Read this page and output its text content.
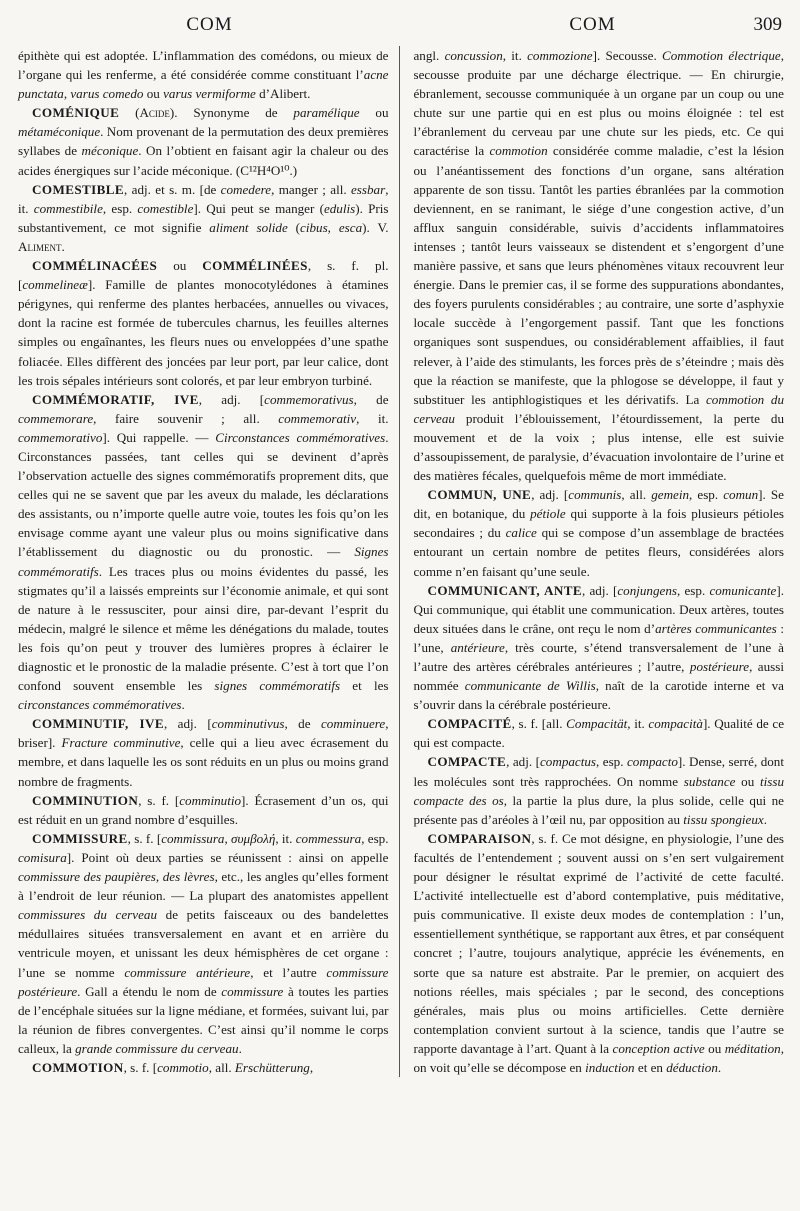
COM	COM	309

épithète qui est adoptée. L’inflammation des comédons, ou mieux de l’organe qui les renferme, a été considérée comme constituant l’acne punctata, varus comedo ou varus vermiforme d’Alibert.

COMÉNIQUE (Acide). Synonyme de paramélique ou métaméconique. Nom provenant de la permutation des deux premières syllabes de méconique. On l’obtient en faisant agir la chaleur ou des acides énergiques sur l’acide méconique. (C¹²H⁴O¹⁰.)

COMESTIBLE, adj. et s. m. [de comedere, manger ; all. essbar, it. commestibile, esp. comestible]. Qui peut se manger (edulis). Pris substantivement, ce mot signifie aliment solide (cibus, esca). V. Aliment.

COMMÉLINACÉES ou COMMÉLINÉES, s. f. pl. [commelineæ]. Famille de plantes monocotylédones à étamines périgynes, qui renferme des plantes herbacées, annuelles ou vivaces, dont la racine est formée de tubercules charnus, les feuilles alternes simples ou engaînantes, les fleurs nues ou enveloppées d’une spathe foliacée. Elles diffèrent des joncées par leur port, par leur calice, dont les trois sépales intérieurs sont colorés, et par leur embryon turbiné.

COMMÉMORATIF, IVE, adj. [commemorativus, de commemorare, faire souvenir ; all. commemorativ, it. commemorativo]. Qui rappelle. — Circonstances commémoratives. Circonstances passées, tant celles qui se devinent d’après l’observation actuelle des signes commémoratifs proprement dits, que celles qui ne se savent que par les aveux du malade, les déclarations des assistants, ou n’importe quelle autre voie, toutes les fois qu’on les envisage comme ayant une valeur plus ou moins significative dans l’établissement du diagnostic ou du pronostic. — Signes commémoratifs. Les traces plus ou moins évidentes du passé, les stigmates qu’il a laissés empreints sur l’économie animale, et qui sont de nature à le ressusciter, pour ainsi dire, par-devant l’esprit du médecin, malgré le silence et même les dénégations du malade, toutes les fois qu’on peut y trouver des lumières propres à éclairer le diagnostic et le pronostic de la maladie présente. C’est à tort que l’on confond souvent ensemble les signes commémoratifs et les circonstances commémoratives.

COMMINUTIF, IVE, adj. [comminutivus, de comminuere, briser]. Fracture comminutive, celle qui a lieu avec écrasement du membre, et dans laquelle les os sont réduits en un plus ou moins grand nombre de fragments.

COMMINUTION, s. f. [comminutio]. Écrasement d’un os, qui est réduit en un grand nombre d’esquilles.

COMMISSURE, s. f. [commissura, συμβολή, it. commessura, esp. comisura]. Point où deux parties se réunissent : ainsi on appelle commissure des paupières, des lèvres, etc., les angles qu’elles forment à l’endroit de leur réunion. — La plupart des anatomistes appellent commissures du cerveau de petits faisceaux ou des bandelettes médullaires situées transversalement en avant et en arrière du ventricule moyen, et unissant les deux hémisphères de cet organe : l’une se nomme commissure antérieure, et l’autre commissure postérieure. Gall a étendu le nom de commissure à toutes les parties de l’encéphale situées sur la ligne médiane, et formées, suivant lui, par la réunion de fibres convergentes. C’est ainsi qu’il nomme le corps calleux, la grande commissure du cerveau.

COMMOTION, s. f. [commotio, all. Erschütterung,

angl. concussion, it. commozione]. Secousse. Commotion électrique, secousse produite par une décharge électrique. — En chirurgie, ébranlement, secousse communiquée à un organe par un coup ou une chute sur une partie qui en est plus ou moins éloignée : tel est l’ébranlement du cerveau par une chute sur les pieds, etc. Ce qui caractérise la commotion considérée comme maladie, c’est la lésion ou l’anéantissement des fonctions d’un organe, sans altération apparente de son tissu. Tantôt les parties ébranlées par la commotion deviennent, en se ranimant, le siége d’une congestion active, d’un afflux sanguin considérable, suivis d’accidents inflammatoires intenses ; tantôt leurs vaisseaux se distendent et s’engorgent d’une manière passive, et sans que leurs phénomènes vitaux recouvrent leur énergie. Dans le premier cas, il se forme des suppurations abondantes, des foyers purulents considérables ; au contraire, une sorte d’asphyxie locale succède à l’engorgement passif. Tant que les fonctions organiques sont suspendues, ou considérablement affaiblies, il faut relever, à l’aide des stimulants, les forces près de s’éteindre ; mais dès que la réaction se manifeste, que la phlogose se développe, il faut y substituer les antiphlogistiques et les dérivatifs. La commotion du cerveau produit l’éblouissement, l’étourdissement, la perte du mouvement et de la voix ; plus intense, elle est suivie d’assoupissement, de paralysie, d’évacuation involontaire de l’urine et des matières fécales, quelquefois même de mort immédiate.

COMMUN, UNE, adj. [communis, all. gemein, esp. comun]. Se dit, en botanique, du pétiole qui supporte à la fois plusieurs pétioles secondaires ; du calice qui se compose d’un assemblage de bractées entourant un certain nombre de petites fleurs, considérées alors comme n’en faisant qu’une seule.

COMMUNICANT, ANTE, adj. [conjungens, esp. comunicante]. Qui communique, qui établit une communication. Deux artères, toutes deux situées dans le crâne, ont reçu le nom d’artères communicantes : l’une, antérieure, très courte, s’étend transversalement de l’une à l’autre des artères cérébrales antérieures ; l’autre, postérieure, aussi nommée communicante de Willis, naît de la carotide interne et va s’ouvrir dans la cérébrale postérieure.

COMPACITÉ, s. f. [all. Compacität, it. compacità]. Qualité de ce qui est compacte.

COMPACTE, adj. [compactus, esp. compacto]. Dense, serré, dont les molécules sont très rapprochées. On nomme substance ou tissu compacte des os, la partie la plus dure, la plus solide, celle qui ne présente pas d’aréoles à l’œil nu, par opposition au tissu spongieux.

COMPARAISON, s. f. Ce mot désigne, en physiologie, l’une des facultés de l’entendement ; souvent aussi on s’en sert vulgairement pour désigner le résultat exprimé de l’activité de cette faculté. L’activité intellectuelle est d’abord contemplative, puis méditative, puis communicative. Il existe deux modes de contemplation : l’un, essentiellement synthétique, se rapportant aux êtres, et par conséquent concret ; l’autre, toujours analytique, apprécie les événements, en sorte que sa nature est abstraite. Par le premier, on acquiert des notions réelles, mais spéciales ; par le second, des conceptions générales, mais plus ou moins artificielles. Cette dernière contemplation convient surtout à la science, tandis que l’autre se rapporte davantage à l’art. Quant à la conception active ou méditation, on voit qu’elle se décompose en induction et en déduction.
